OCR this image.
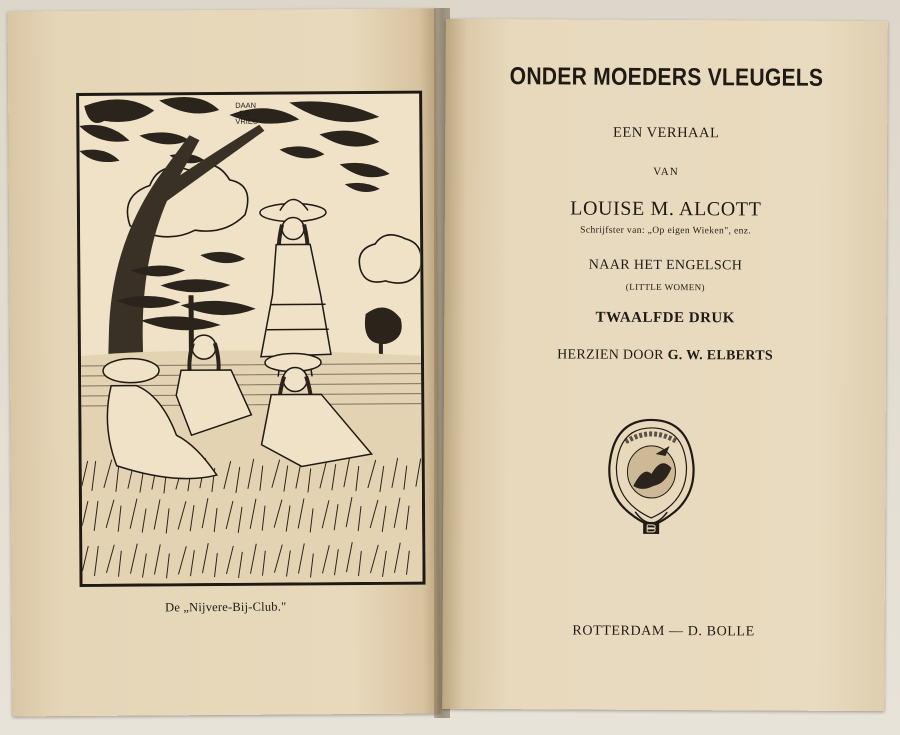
DAAN
DE
VRIES
De „Nijvere-Bij-Club."
ONDER MOEDERS VLEUGELS
EEN VERHAAL
VAN
LOUISE M. ALCOTT
Schrijfster van: „Op eigen Wieken", enz.
NAAR HET ENGELSCH
(LITTLE WOMEN)
TWAALFDE DRUK
HERZIEN DOOR G. W. ELBERTS
ROTTERDAM — D. BOLLE
